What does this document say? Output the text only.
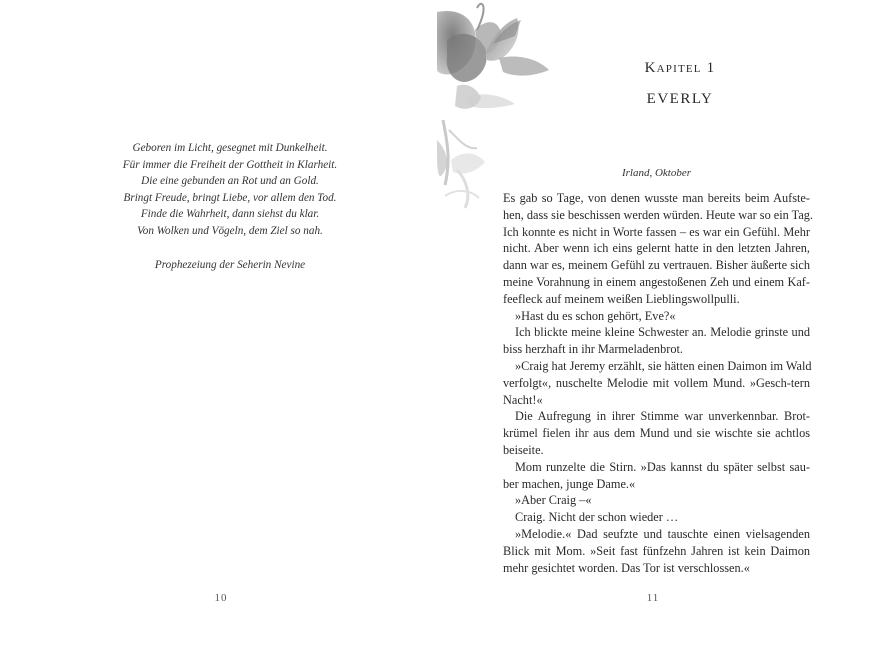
Geboren im Licht, gesegnet mit Dunkelheit.
Für immer die Freiheit der Gottheit in Klarheit.
Die eine gebunden an Rot und an Gold.
Bringt Freude, bringt Liebe, vor allem den Tod.
Finde die Wahrheit, dann siehst du klar.
Von Wolken und Vögeln, dem Ziel so nah.
Prophezeiung der Seherin Nevine
10
Kapitel 1
EVERLY
Irland, Oktober
Es gab so Tage, von denen wusste man bereits beim Aufste-
hen, dass sie beschissen werden würden. Heute war so ein Tag.
Ich konnte es nicht in Worte fassen – es war ein Gefühl. Mehr
nicht. Aber wenn ich eins gelernt hatte in den letzten Jahren,
dann war es, meinem Gefühl zu vertrauen. Bisher äußerte sich
meine Vorahnung in einem angestoßenen Zeh und einem Kaf-
feefleck auf meinem weißen Lieblingswollpulli.
»Hast du es schon gehört, Eve?«
Ich blickte meine kleine Schwester an. Melodie grinste und
biss herzhaft in ihr Marmeladenbrot.
»Craig hat Jeremy erzählt, sie hätten einen Daimon im Wald
verfolgt«, nuschelte Melodie mit vollem Mund. »Gesch-tern
Nacht!«
Die Aufregung in ihrer Stimme war unverkennbar. Brot-
krümel fielen ihr aus dem Mund und sie wischte sie achtlos
beiseite.
Mom runzelte die Stirn. »Das kannst du später selbst sau-
ber machen, junge Dame.«
»Aber Craig –«
Craig. Nicht der schon wieder …
»Melodie.« Dad seufzte und tauschte einen vielsagenden
Blick mit Mom. »Seit fast fünfzehn Jahren ist kein Daimon
mehr gesichtet worden. Das Tor ist verschlossen.«
11
